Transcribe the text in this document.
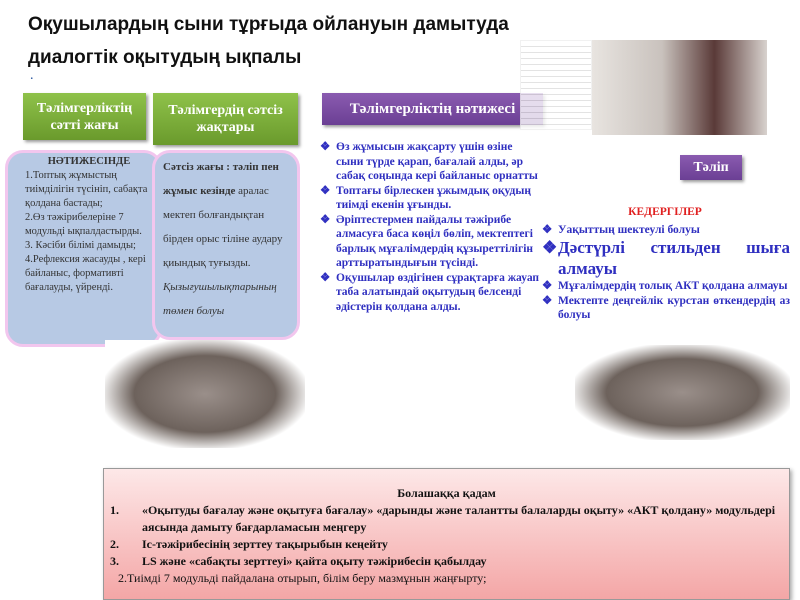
Оқушылардың сыни тұрғыда ойлануын дамытуда диалогтік оқытудың ықпалы
.
Тәлімгерліктің сәтті жағы
Тәлімгердің сәтсіз жақтары
Тәлімгерліктің нәтижесі
НӘТИЖЕСІНДЕ
1.Топтық жұмыстың тиімділігін түсініп, сабақта қолдана бастады;
2.Өз тәжірибелеріне 7 модульді ықпалдастырды.
3. Кәсіби білімі дамыды;
4.Рефлексия жасауды , кері байланыс, формативті бағалауды, үйренді.
Сәтсіз жағы : тәліп пен жұмыс кезінде аралас мектеп болғандықтан бірден орыс тіліне аудару қиындық туғызды. Қызығушылықтарының төмен болуы
❖ Өз жұмысын жақсарту үшін өзіне сыни түрде қарап, бағалай алды, әр сабақ соңында кері байланыс орнатты
❖ Топтағы бірлескен ұжымдық оқудың тиімді екенін ұғынды.
❖ Әріптестермен пайдалы тәжірибе алмасуға баса көңіл бөліп, мектептегі барлық мұғалімдердің құзыреттілігін арттыратындығын түсінді.
❖ Оқушылар өздігінен сұрақтарға жауап таба алатындай оқытудың белсенді әдістерін қолдана алды.
Тәліп
КЕДЕРГІЛЕР
❖ Уақыттың шектеулі болуы
❖ Дәстүрлі стильден шыға алмауы
❖ Мұғалімдердің толық АКТ қолдана алмауы
❖ Мектепте деңгейлік курстан өткендердің аз болуы
Болашаққа қадам
1.	«Оқытуды бағалау және оқытуға бағалау» «дарынды және талантты балаларды оқыту» «АКТ қолдану» модульдері аясында дамыту бағдарламасын меңгеру
2.	Іс-тәжірибесінің зерттеу тақырыбын кеңейту
3.	LS және «сабақты зерттеуі» қайта оқыту тәжірибесін қабылдау
2.Тиімді 7 модульді пайдалана отырып, білім беру мазмұнын жаңғырту;
